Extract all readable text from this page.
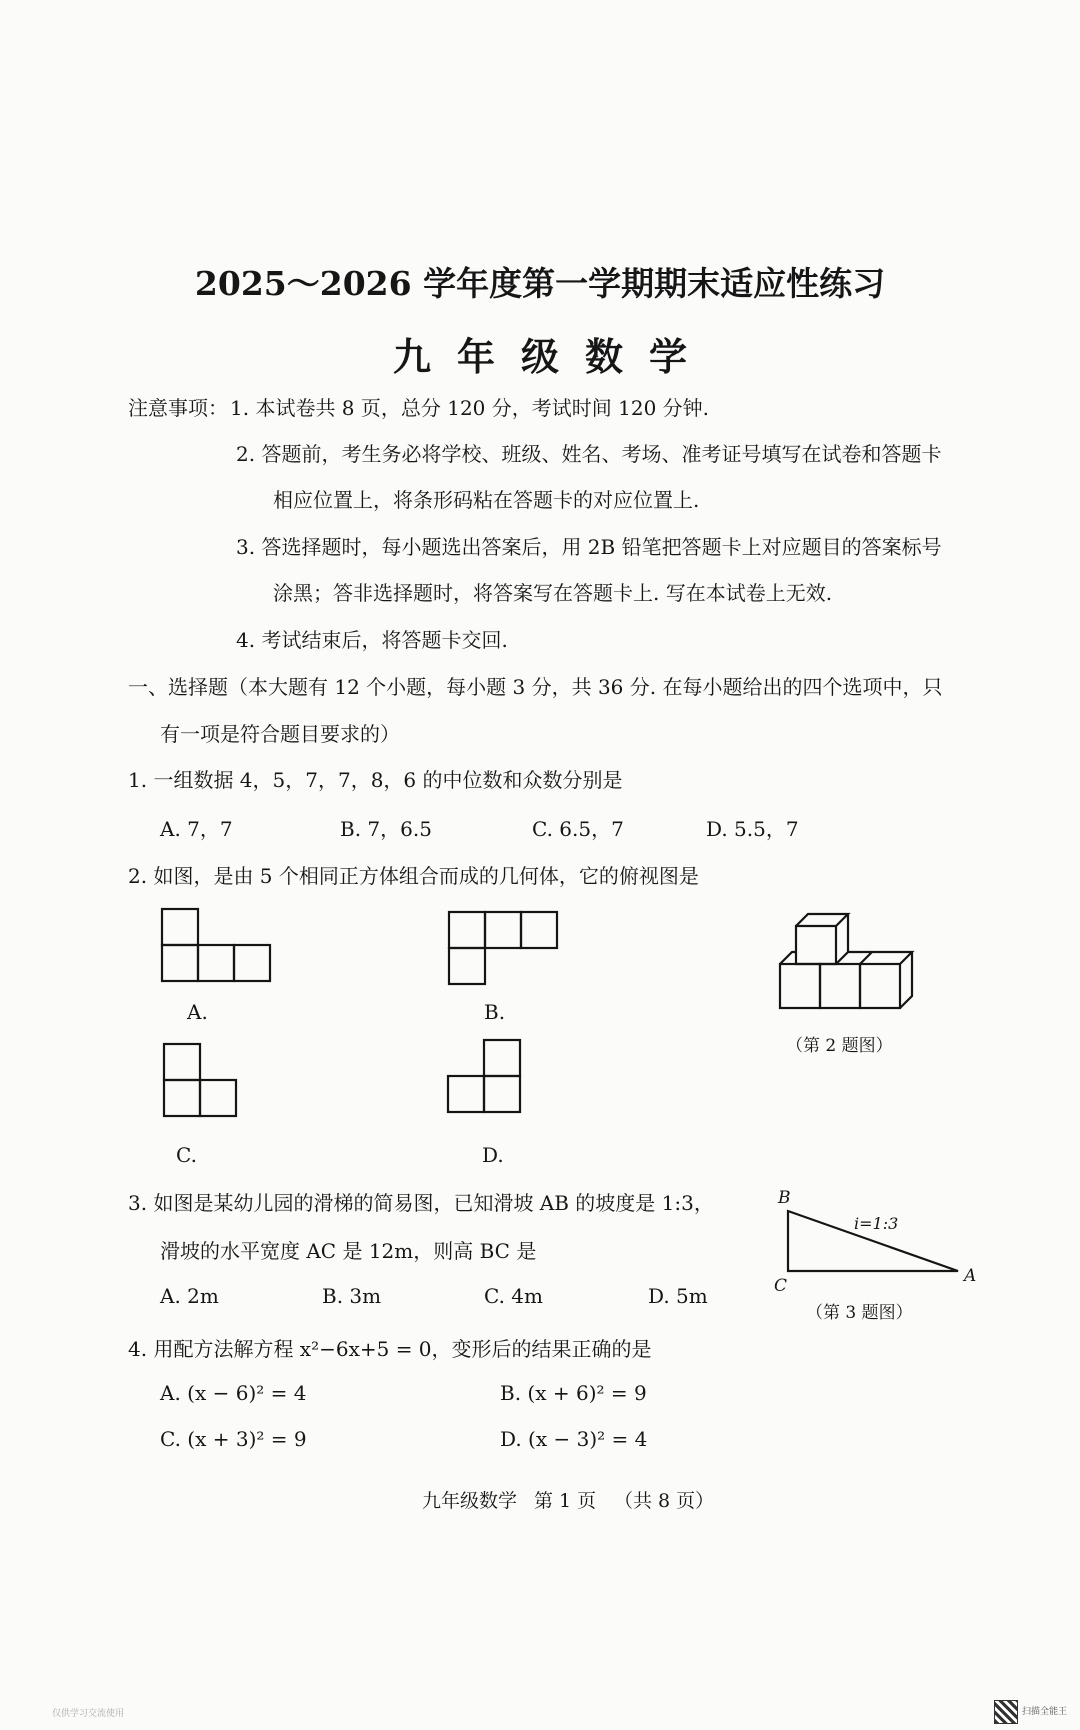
2025～2026 学年度第一学期期末适应性练习
九年级数学
注意事项： 1. 本试卷共 8 页，总分 120 分，考试时间 120 分钟.
2. 答题前，考生务必将学校、班级、姓名、考场、准考证号填写在试卷和答题卡
相应位置上，将条形码粘在答题卡的对应位置上.
3. 答选择题时，每小题选出答案后，用 2B 铅笔把答题卡上对应题目的答案标号
涂黑；答非选择题时，将答案写在答题卡上. 写在本试卷上无效.
4. 考试结束后，将答题卡交回.
一、选择题（本大题有 12 个小题，每小题 3 分，共 36 分. 在每小题给出的四个选项中，只
有一项是符合题目要求的）
1. 一组数据 4，5，7，7，8，6 的中位数和众数分别是
A. 7，7	B. 7，6.5	C. 6.5，7	D. 5.5，7
2. 如图，是由 5 个相同正方体组合而成的几何体，它的俯视图是
A.	B.
C.	D.
（第 2 题图）
3. 如图是某幼儿园的滑梯的简易图，已知滑坡 AB 的坡度是 1:3，
滑坡的水平宽度 AC 是 12m，则高 BC 是
A. 2m	B. 3m	C. 4m	D. 5m
B
C	A
i=1:3
（第 3 题图）
4. 用配方法解方程 x²−6x+5 = 0，变形后的结果正确的是
A. (x − 6)² = 4	B. (x + 6)² = 9
C. (x + 3)² = 9	D. (x − 3)² = 4
九年级数学 第 1 页 （共 8 页）
仅供学习交流使用	扫描全能王
